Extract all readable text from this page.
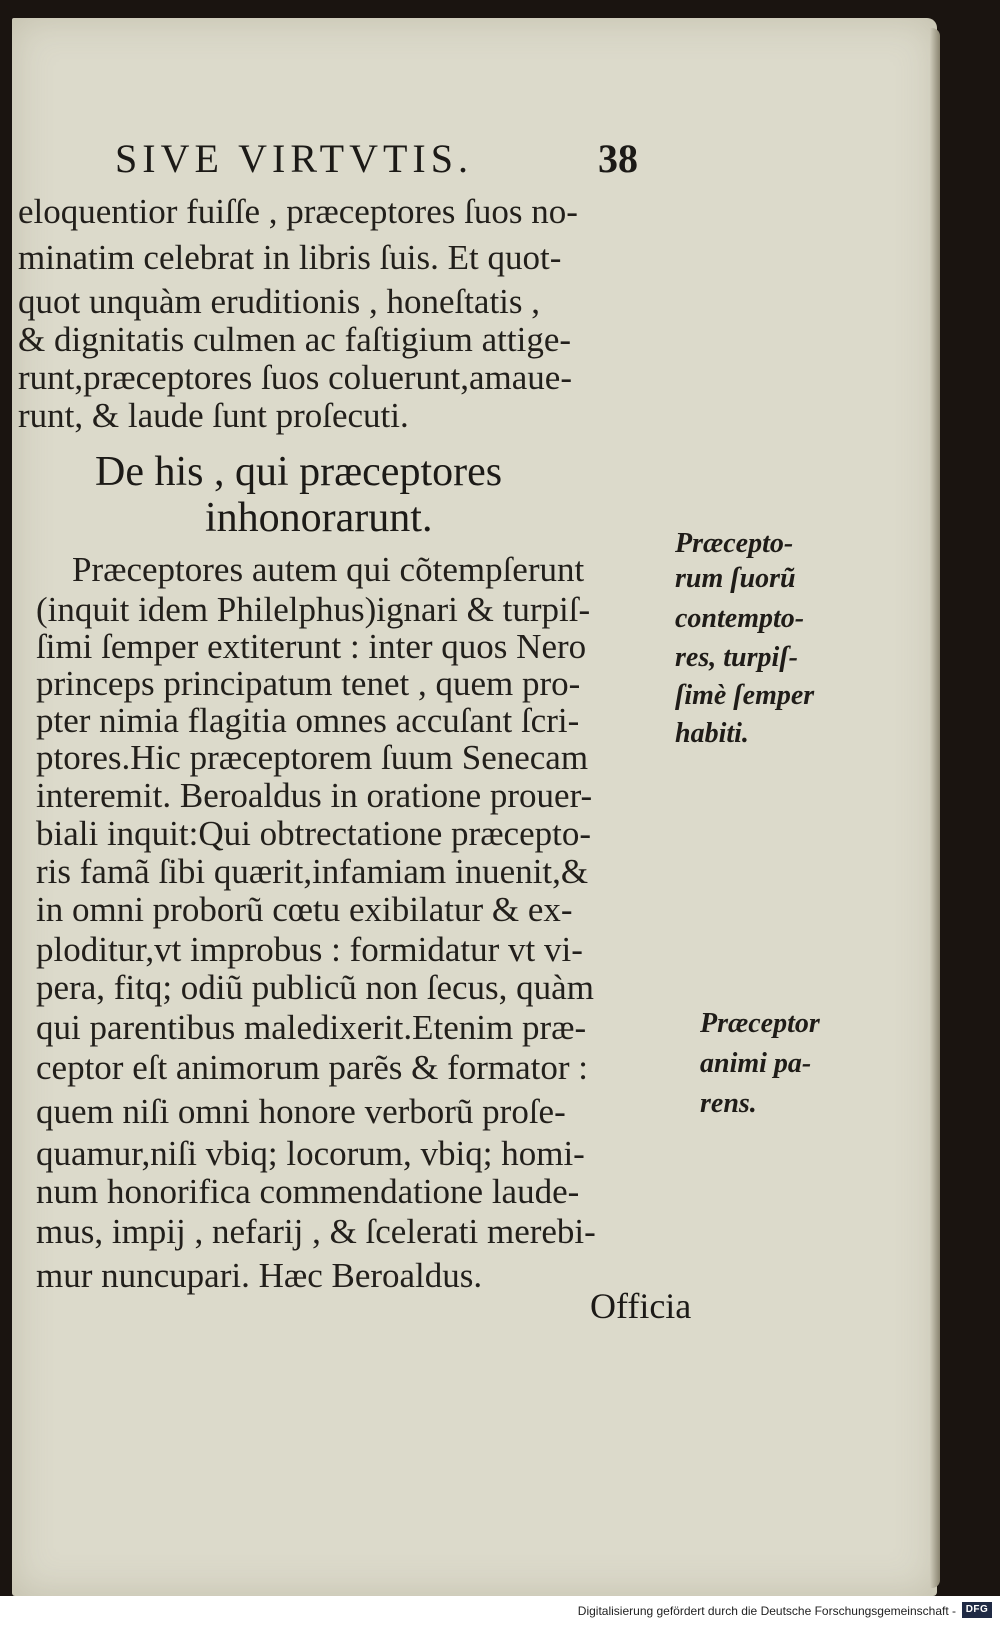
SIVE VIRTVTIS.	38
eloquentior fuiſſe , præceptores ſuos no-
minatim celebrat in libris ſuis. Et quot-
quot unquàm eruditionis , honeſtatis ,
& dignitatis culmen ac faſtigium attige-
runt,præceptores ſuos coluerunt,amaue-
runt, & laude ſunt proſecuti.
De his , qui præceptores
inhonorarunt.
Præceptores autem qui cõtempſerunt
(inquit idem Philelphus)ignari & turpiſ-
ſimi ſemper extiterunt : inter quos Nero
princeps principatum tenet , quem pro-
pter nimia flagitia omnes accuſant ſcri-
ptores.Hic præceptorem ſuum Senecam
interemit. Beroaldus in oratione prouer-
biali inquit:Qui obtrectatione præcepto-
ris famã ſibi quærit,infamiam inuenit,&
in omni proborũ cœtu exibilatur & ex-
ploditur,vt improbus : formidatur vt vi-
pera, fitq; odiũ publicũ non ſecus, quàm
qui parentibus maledixerit.Etenim præ-
ceptor eſt animorum parẽs & formator :
quem niſi omni honore verborũ proſe-
quamur,niſi vbiq; locorum, vbiq; homi-
num honorifica commendatione laude-
mus, impij , nefarij , & ſcelerati merebi-
mur nuncupari. Hæc Beroaldus.
Præcepto-
rum ſuorũ
contempto-
res, turpiſ-
ſimè ſemper
habiti.
Præceptor
animi pa-
rens.
Officia
Digitalisierung gefördert durch die Deutsche Forschungsgemeinschaft - DFG
